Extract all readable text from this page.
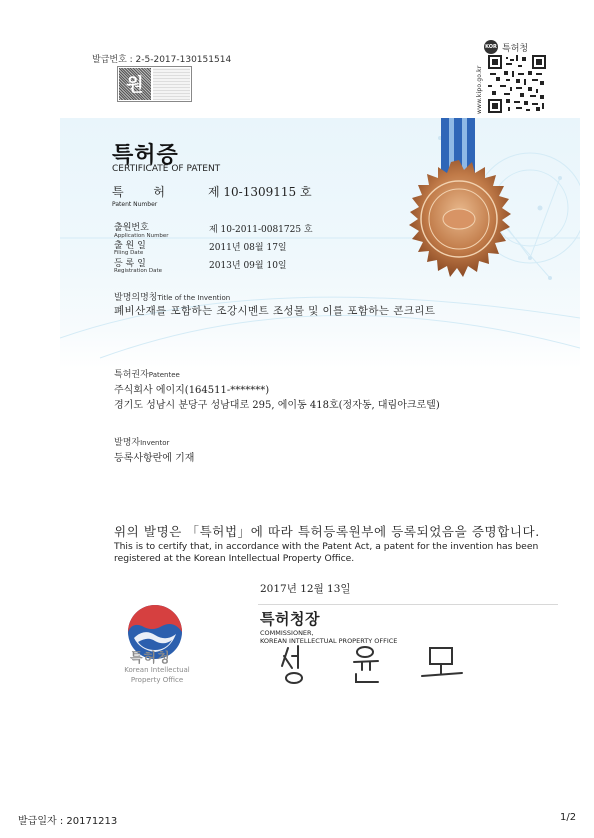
발급번호 : 2-5-2017-130151514
원
KOR 특허청
www.kipo.go.kr
특허증
CERTIFICATE OF PATENT
특 허	제 10-1309115 호
Patent Number
출원번호
Application Number
제 10-2011-0081725 호
출 원 일
Filing Date	2011년 08월 17일
등 록 일
Registration Date	2013년 09월 10일
발명의명칭Title of the Invention
폐비산재를 포함하는 조강시멘트 조성물 및 이를 포함하는 콘크리트
특허권자Patentee
주식회사 에이지(164511-*******)
경기도 성남시 분당구 성남대로 295, 에이동 418호(정자동, 대림아크로텔)
발명자Inventor
등록사항란에 기재
위의 발명은 「특허법」에 따라 특허등록원부에 등록되었음을 증명합니다.
This is to certify that, in accordance with the Patent Act, a patent for the invention has been registered at the Korean Intellectual Property Office.
2017년 12월 13일
특허청
Korean Intellectual
Property Office
특허청장
COMMISSIONER,
KOREAN INTELLECTUAL PROPERTY OFFICE
발급일자 : 20171213	1/2
